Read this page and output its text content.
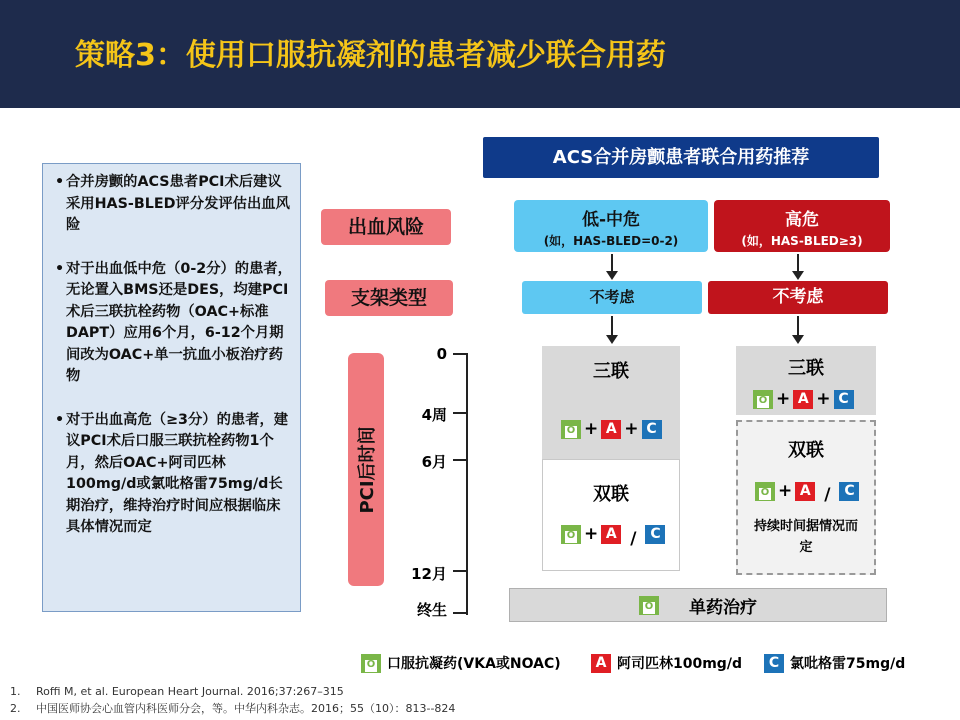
策略3：使用口服抗凝剂的患者减少联合用药
• 合并房颤的ACS患者PCI术后建议采用HAS-BLED评分发评估出血风险
• 对于出血低中危（0-2分）的患者，无论置入BMS还是DES，均建PCI术后三联抗栓药物（OAC+标准DAPT）应用6个月，6-12个月期间改为OAC+单一抗血小板治疗药物
• 对于出血高危（≥3分）的患者，建议PCI术后口服三联抗栓药物1个月，然后OAC+阿司匹林100mg/d或氯吡格雷75mg/d长期治疗，维持治疗时间应根据临床具体情况而定
ACS合并房颤患者联合用药推荐
出血风险
支架类型
PCI后时间
低-中危
(如，HAS-BLED=0-2)
高危
(如，HAS-BLED≥3)
不考虑	不考虑
0
4周
6月
12月
终生
三联
O + A + C
双联
O + A / C
三联
O + A + C
双联
持续时间据情况而定
O + A / C
O	单药治疗
O 口服抗凝药(VKA或NOAC)	A 阿司匹林100mg/d	C 氯吡格雷75mg/d
1. Roffi M, et al. European Heart Journal. 2016;37:267–315
2. 中国医师协会心血管内科医师分会，等。中华内科杂志。2016；55（10）：813--824
